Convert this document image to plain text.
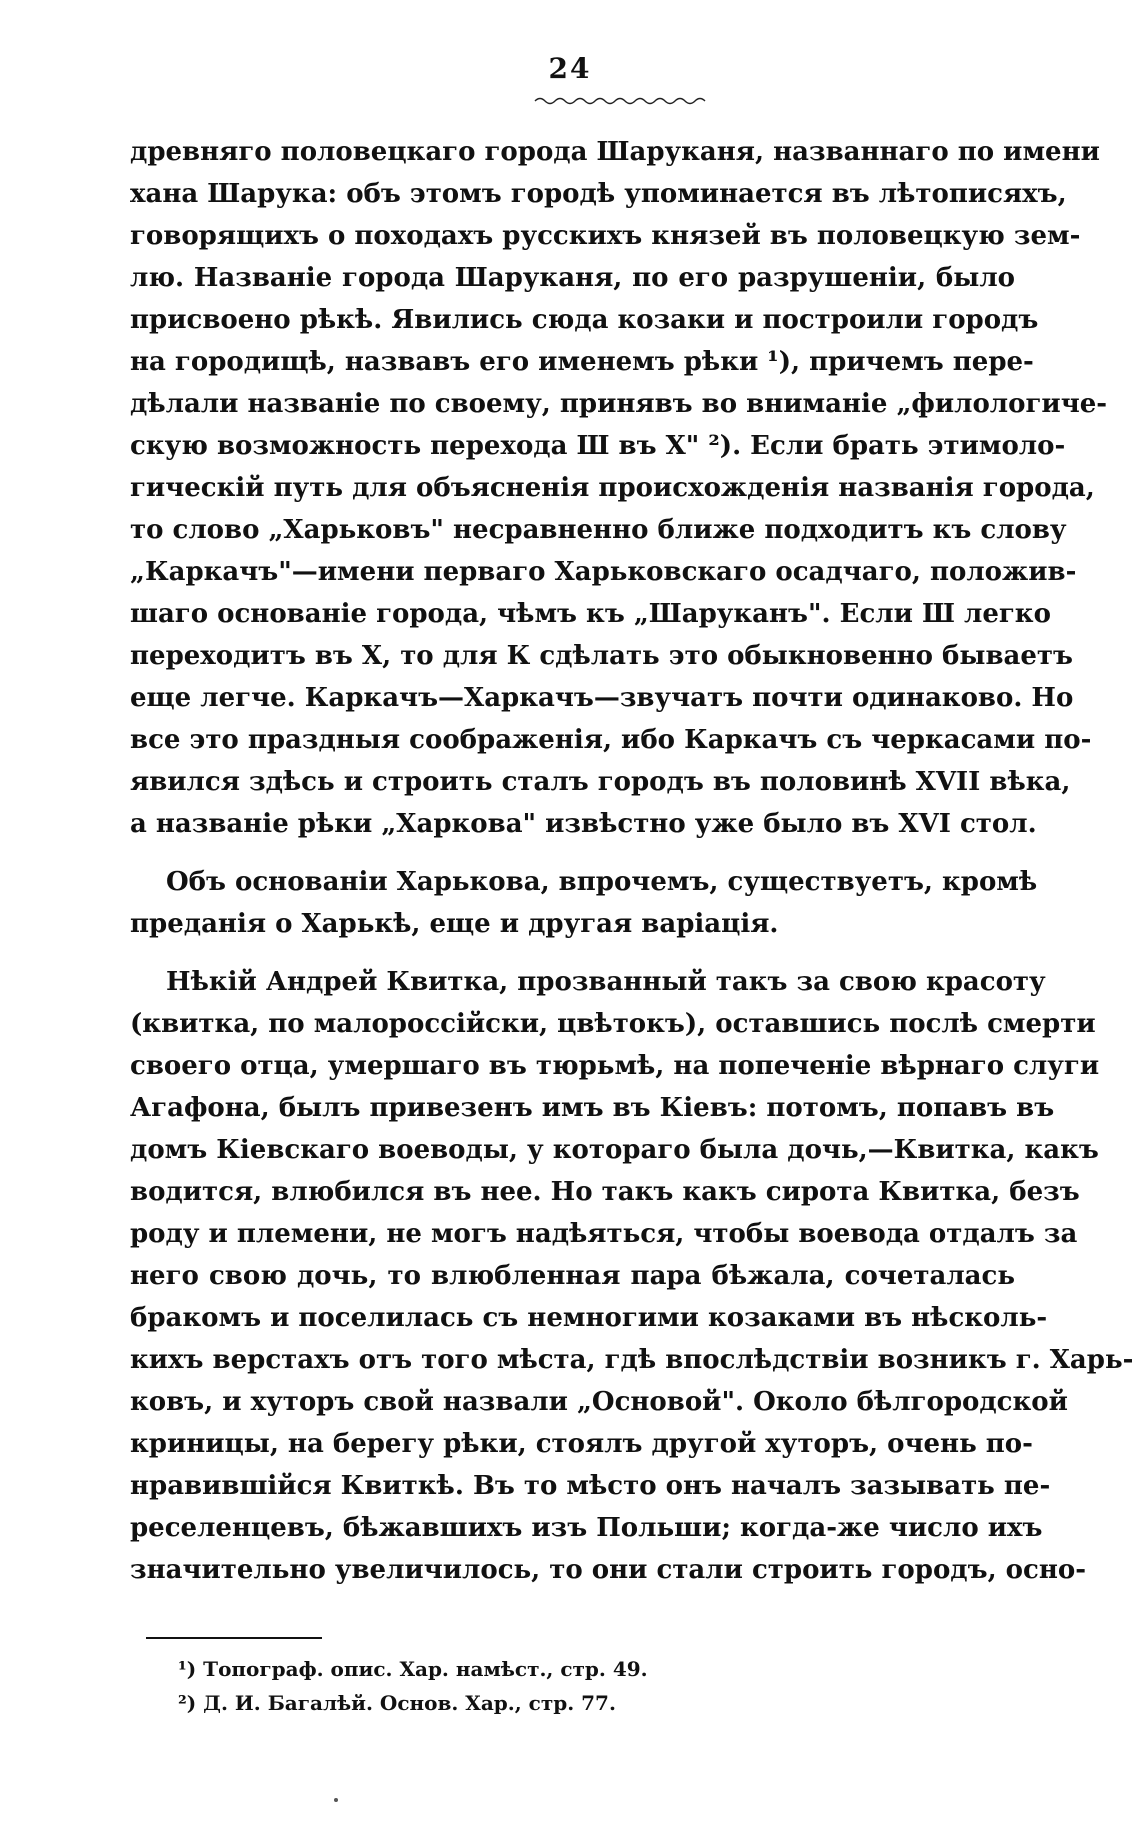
24
древняго половецкаго города Шаруканя, названнаго по имени
хана Шарука: объ этомъ городѣ упоминается въ лѣтописяхъ,
говорящихъ о походахъ русскихъ князей въ половецкую зем-
лю. Названіе города Шаруканя, по его разрушеніи, было
присвоено рѣкѣ. Явились сюда козаки и построили городъ
на городищѣ, назвавъ его именемъ рѣки ¹), причемъ пере-
дѣлали названіе по своему, принявъ во вниманіе „филологиче-
скую возможность перехода Ш въ Х" ²). Если брать этимоло-
гическій путь для объясненія происхожденія названія города,
то слово „Харьковъ" несравненно ближе подходитъ къ слову
„Каркачъ"—имени перваго Харьковскаго осадчаго, положив-
шаго основаніе города, чѣмъ къ „Шаруканъ". Если Ш легко
переходитъ въ Х, то для К сдѣлать это обыкновенно бываетъ
еще легче. Каркачъ—Харкачъ—звучатъ почти одинаково. Но
все это праздныя соображенія, ибо Каркачъ съ черкасами по-
явился здѣсь и строить сталъ городъ въ половинѣ XVII вѣка,
а названіе рѣки „Харкова" извѣстно уже было въ XVI стол.
Объ основаніи Харькова, впрочемъ, существуетъ, кромѣ
преданія о Харькѣ, еще и другая варіація.
Нѣкій Андрей Квитка, прозванный такъ за свою красоту
(квитка, по малороссійски, цвѣтокъ), оставшись послѣ смерти
своего отца, умершаго въ тюрьмѣ, на попеченіе вѣрнаго слуги
Агафона, былъ привезенъ имъ въ Кіевъ: потомъ, попавъ въ
домъ Кіевскаго воеводы, у котораго была дочь,—Квитка, какъ
водится, влюбился въ нее. Но такъ какъ сирота Квитка, безъ
роду и племени, не могъ надѣяться, чтобы воевода отдалъ за
него свою дочь, то влюбленная пара бѣжала, сочеталась
бракомъ и поселилась съ немногими козаками въ нѣсколь-
кихъ верстахъ отъ того мѣста, гдѣ впослѣдствіи возникъ г. Харь-
ковъ, и хуторъ свой назвали „Основой". Около бѣлгородской
криницы, на берегу рѣки, стоялъ другой хуторъ, очень по-
нравившійся Квиткѣ. Въ то мѣсто онъ началъ зазывать пе-
реселенцевъ, бѣжавшихъ изъ Польши; когда-же число ихъ
значительно увеличилось, то они стали строить городъ, осно-
¹) Топограф. опис. Хар. намѣст., стр. 49.
²) Д. И. Багалѣй. Основ. Хар., стр. 77.
